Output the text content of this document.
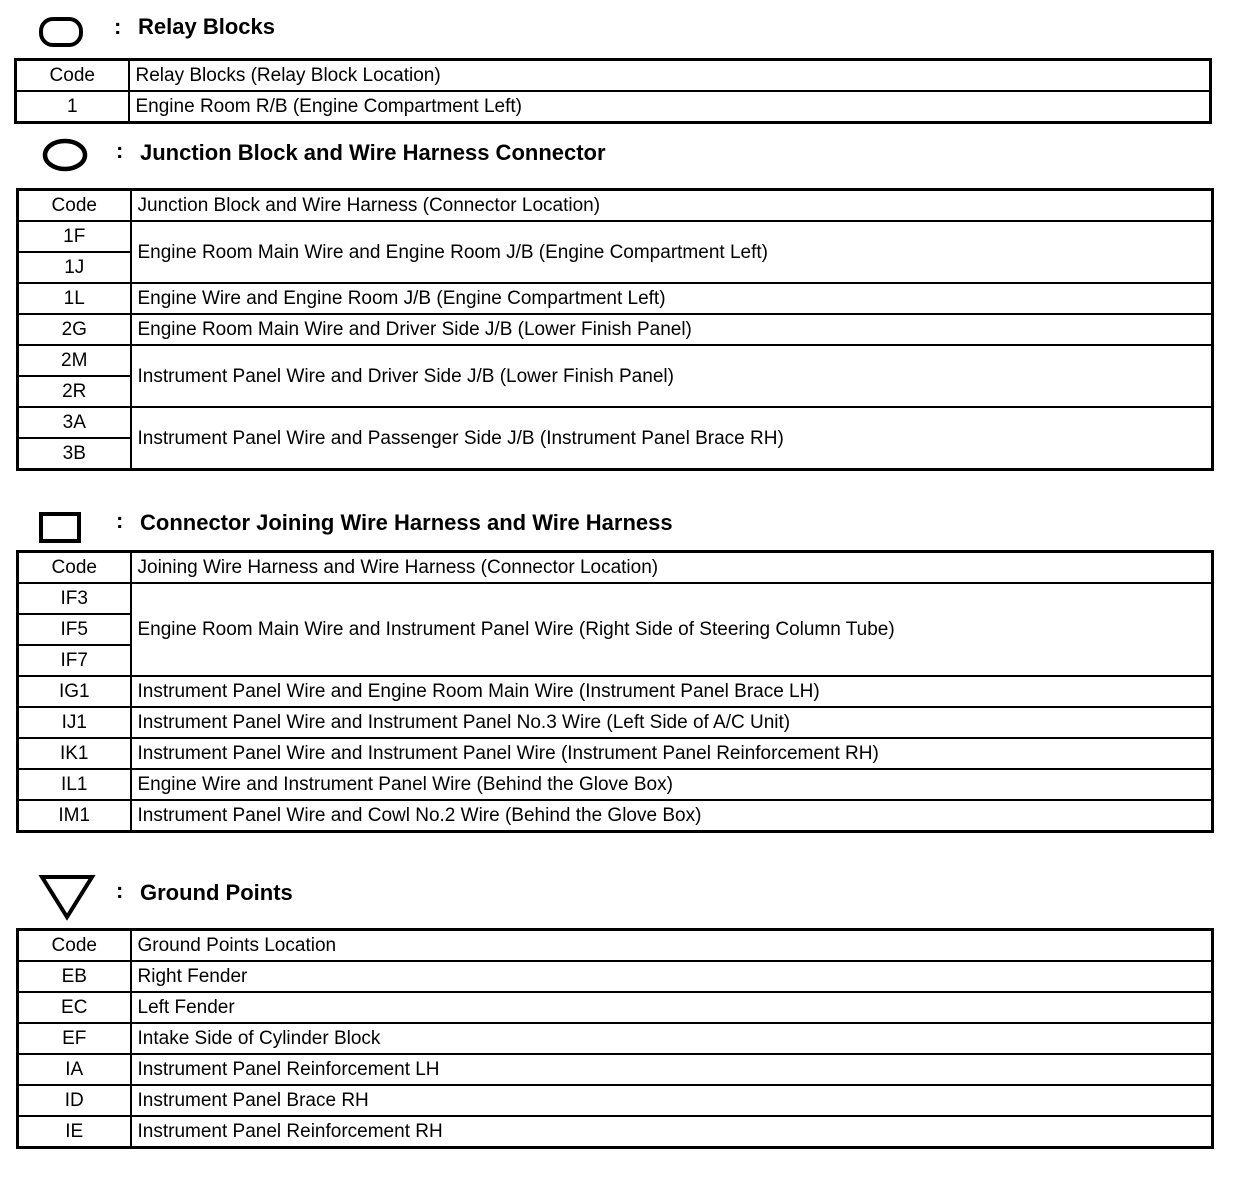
: Relay Blocks
Code	Relay Blocks (Relay Block Location)
1	Engine Room R/B (Engine Compartment Left)
: Junction Block and Wire Harness Connector
Code	Junction Block and Wire Harness (Connector Location)
1F	Engine Room Main Wire and Engine Room J/B (Engine Compartment Left)
1J	
1L	Engine Wire and Engine Room J/B (Engine Compartment Left)
2G	Engine Room Main Wire and Driver Side J/B (Lower Finish Panel)
2M	Instrument Panel Wire and Driver Side J/B (Lower Finish Panel)
2R	
3A	Instrument Panel Wire and Passenger Side J/B (Instrument Panel Brace RH)
3B	
: Connector Joining Wire Harness and Wire Harness
Code	Joining Wire Harness and Wire Harness (Connector Location)
IF3	Engine Room Main Wire and Instrument Panel Wire (Right Side of Steering Column Tube)
IF5	
IF7	
IG1	Instrument Panel Wire and Engine Room Main Wire (Instrument Panel Brace LH)
IJ1	Instrument Panel Wire and Instrument Panel No.3 Wire (Left Side of A/C Unit)
IK1	Instrument Panel Wire and Instrument Panel Wire (Instrument Panel Reinforcement RH)
IL1	Engine Wire and Instrument Panel Wire (Behind the Glove Box)
IM1	Instrument Panel Wire and Cowl No.2 Wire (Behind the Glove Box)
: Ground Points
Code	Ground Points Location
EB	Right Fender
EC	Left Fender
EF	Intake Side of Cylinder Block
IA	Instrument Panel Reinforcement LH
ID	Instrument Panel Brace RH
IE	Instrument Panel Reinforcement RH
